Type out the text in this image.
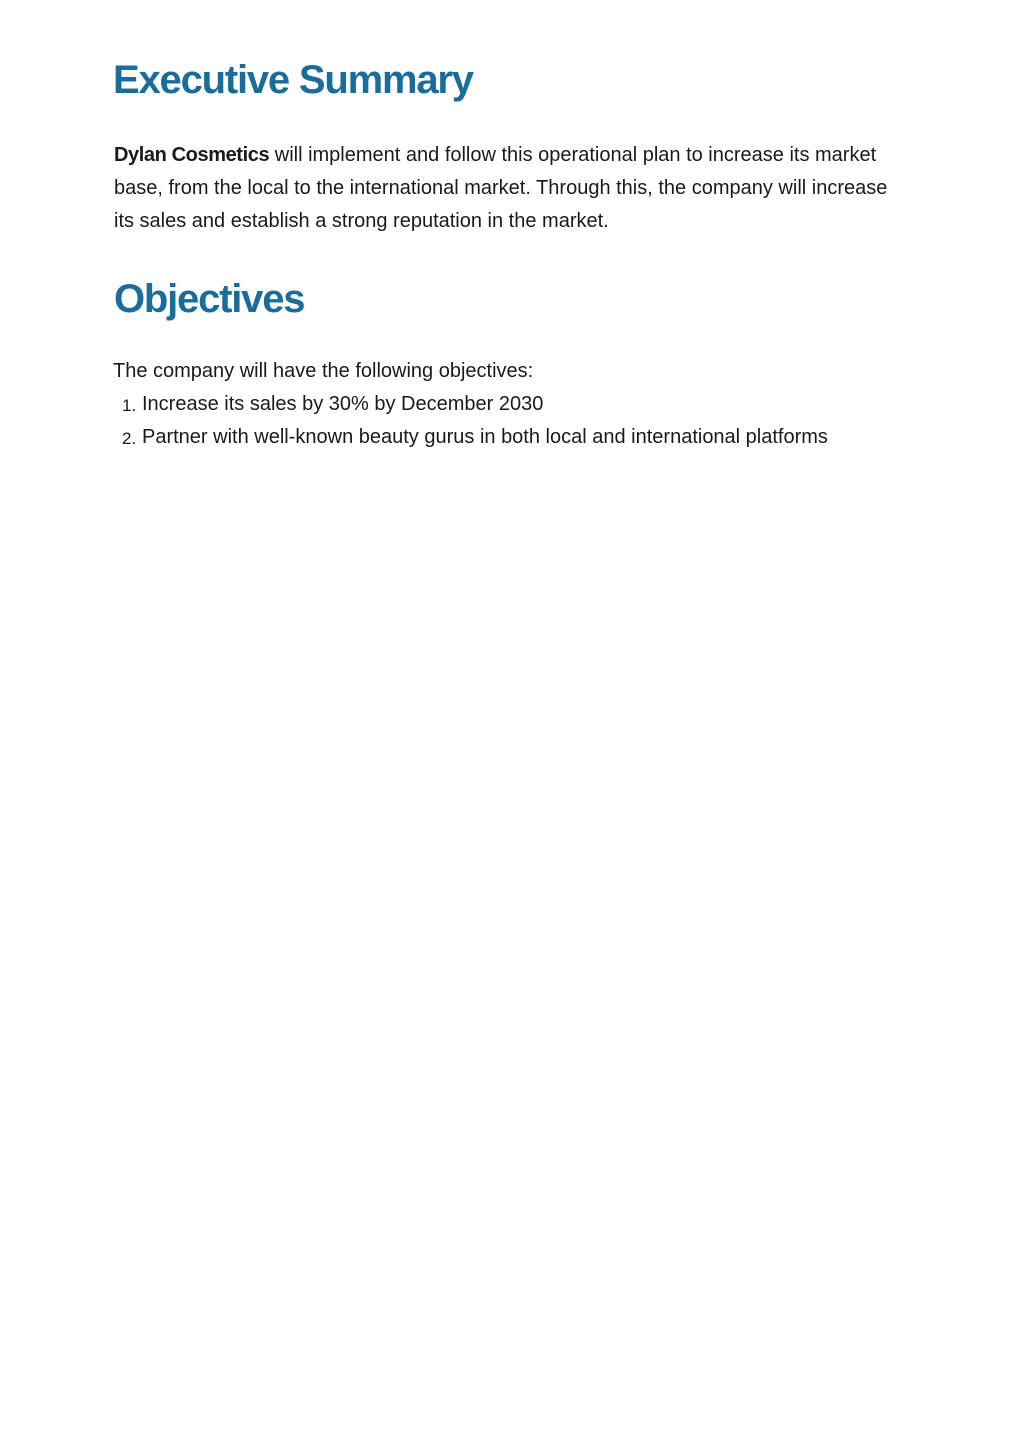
Executive Summary

Dylan Cosmetics will implement and follow this operational plan to increase its market base, from the local to the international market. Through this, the company will increase its sales and establish a strong reputation in the market.

Objectives

The company will have the following objectives:

1. Increase its sales by 30% by December 2030
2. Partner with well-known beauty gurus in both local and international platforms
